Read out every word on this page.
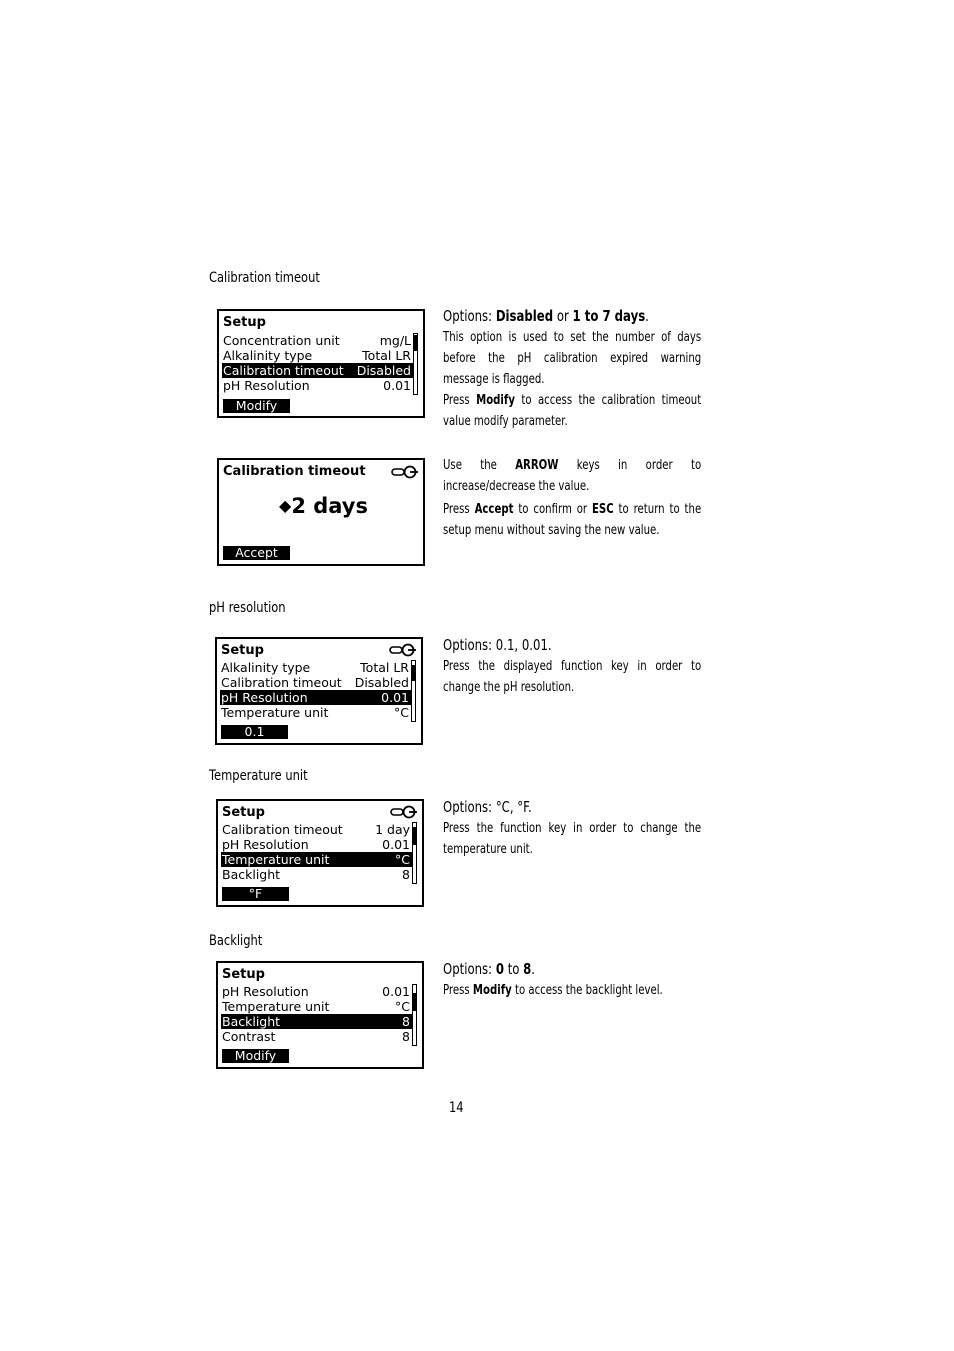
Calibration timeout
Setup
Concentration unit	mg/L
Alkalinity type	Total LR
Calibration timeout Disabled
pH Resolution	0.01
Modify

Options: Disabled or 1 to 7 days.

This option is used to set the number of days before the pH calibration expired warning message is flagged.

Press Modify to access the calibration timeout value modify parameter.

Calibration timeout
◆2 days
Accept

Use the ARROW keys in order to increase/decrease the value.

Press Accept to confirm or ESC to return to the setup menu without saving the new value.

pH resolution
Setup
Alkalinity type	Total LR
Calibration timeout Disabled
pH Resolution	0.01
Temperature unit	°C
0.1

Options: 0.1, 0.01.

Press the displayed function key in order to change the pH resolution.

Temperature unit
Setup
Calibration timeout	1 day
pH Resolution	0.01
Temperature unit	°C
Backlight	8
°F

Options: °C, °F.

Press the function key in order to change the temperature unit.

Backlight
Setup
pH Resolution	0.01
Temperature unit	°C
Backlight	8
Contrast	8
Modify

Options: 0 to 8.

Press Modify to access the backlight level.

14
